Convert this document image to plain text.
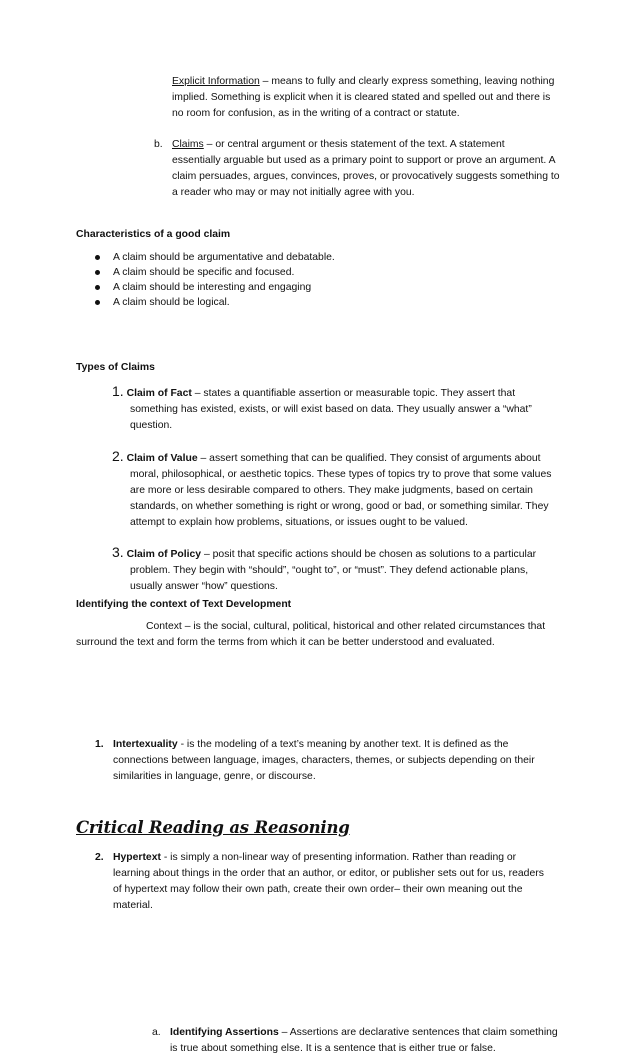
Explicit Information – means to fully and clearly express something, leaving nothing
implied. Something is explicit when it is cleared stated and spelled out and there is
no room for confusion, as in the writing of a contract or statute.
b. Claims – or central argument or thesis statement of the text. A statement
essentially arguable but used as a primary point to support or prove an argument. A
claim persuades, argues, convinces, proves, or provocatively suggests something to
a reader who may or may not initially agree with you.
Characteristics of a good claim
A claim should be argumentative and debatable.
A claim should be specific and focused.
A claim should be interesting and engaging
A claim should be logical.
Types of Claims
1. Claim of Fact – states a quantifiable assertion or measurable topic. They assert that
something has existed, exists, or will exist based on data. They usually answer a “what”
question.
2. Claim of Value – assert something that can be qualified. They consist of arguments about
moral, philosophical, or aesthetic topics. These types of topics try to prove that some values
are more or less desirable compared to others. They make judgments, based on certain
standards, on whether something is right or wrong, good or bad, or something similar. They
attempt to explain how problems, situations, or issues ought to be valued.
3. Claim of Policy – posit that specific actions should be chosen as solutions to a particular
problem. They begin with “should”, “ought to”, or “must”. They defend actionable plans,
usually answer “how” questions.
Identifying the context of Text Development
Context – is the social, cultural, political, historical and other related circumstances that
surround the text and form the terms from which it can be better understood and evaluated.
1. Intertexuality - is the modeling of a text’s meaning by another text. It is defined as the
connections between language, images, characters, themes, or subjects depending on their
similarities in language, genre, or discourse.
2. Hypertext - is simply a non-linear way of presenting information. Rather than reading or
learning about things in the order that an author, or editor, or publisher sets out for us, readers
of hypertext may follow their own path, create their own order– their own meaning out the
material.
Critical Reading as Reasoning
a. Identifying Assertions – Assertions are declarative sentences that claim something
is true about something else. It is a sentence that is either true or false.
